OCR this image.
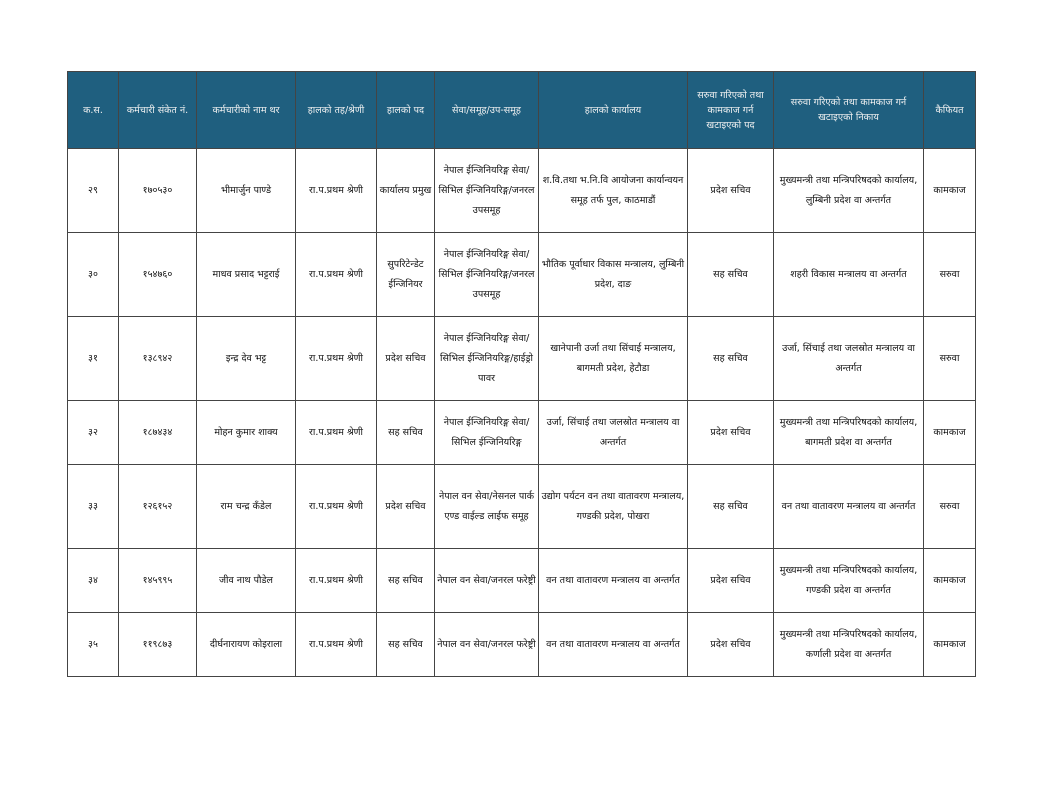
क.स.	कर्मचारी संकेत नं.	कर्मचारीको नाम थर	हालको तह/श्रेणी	हालको पद	सेवा/समूह/उप-समूह	हालको कार्यालय	सरुवा गरिएको तथा कामकाज गर्न खटाइएको पद	सरुवा गरिएको तथा कामकाज गर्न खटाइएको निकाय	कैफियत
२९	१७०५३०	भीमार्जुन पाण्डे	रा.प.प्रथम श्रेणी	कार्यालय प्रमुख	नेपाल ईन्जिनियरिङ्ग सेवा/सिभिल ईन्जिनियरिङ्ग/जनरल उपसमूह	श.वि.तथा भ.नि.वि आयोजना कार्यान्वयन समूह तर्फ पुल, काठमाडौं	प्रदेश सचिव	मुख्यमन्त्री तथा मन्त्रिपरिषदको कार्यालय, लुम्बिनी प्रदेश वा अन्तर्गत	कामकाज
३०	१५४७६०	माधव प्रसाद भट्टराई	रा.प.प्रथम श्रेणी	सुपरिटेन्डेट ईन्जिनियर	नेपाल ईन्जिनियरिङ्ग सेवा/सिभिल ईन्जिनियरिङ्ग/जनरल उपसमूह	भौतिक पूर्वाधार विकास मन्त्रालय, लुम्बिनी प्रदेश, दाङ	सह सचिव	शहरी विकास मन्त्रालय वा अन्तर्गत	सरुवा
३१	१३८९४२	इन्द्र देव भट्ट	रा.प.प्रथम श्रेणी	प्रदेश सचिव	नेपाल ईन्जिनियरिङ्ग सेवा/सिभिल ईन्जिनियरिङ्ग/हाईड्रो पावर	खानेपानी उर्जा तथा सिंचाई मन्त्रालय, बागमती प्रदेश, हेटौडा	सह सचिव	उर्जा, सिंचाई तथा जलस्रोत मन्त्रालय वा अन्तर्गत	सरुवा
३२	१८७४३४	मोहन कुमार शाक्य	रा.प.प्रथम श्रेणी	सह सचिव	नेपाल ईन्जिनियरिङ्ग सेवा/सिभिल ईन्जिनियरिङ्ग	उर्जा, सिंचाई तथा जलस्रोत मन्त्रालय वा अन्तर्गत	प्रदेश सचिव	मुख्यमन्त्री तथा मन्त्रिपरिषदको कार्यालय, बागमती प्रदेश वा अन्तर्गत	कामकाज
३३	१२६१५२	राम चन्द्र कँडेल	रा.प.प्रथम श्रेणी	प्रदेश सचिव	नेपाल वन सेवा/नेसनल पार्क एण्ड वाईल्ड लाईफ समूह	उद्योग पर्यटन वन तथा वातावरण मन्त्रालय, गण्डकी प्रदेश, पोखरा	सह सचिव	वन तथा वातावरण मन्त्रालय वा अन्तर्गत	सरुवा
३४	१४५९९५	जीव नाथ पौडेल	रा.प.प्रथम श्रेणी	सह सचिव	नेपाल वन सेवा/जनरल फरेष्ट्री	वन तथा वातावरण मन्त्रालय वा अन्तर्गत	प्रदेश सचिव	मुख्यमन्त्री तथा मन्त्रिपरिषदको कार्यालय, गण्डकी प्रदेश वा अन्तर्गत	कामकाज
३५	११९८७३	दीर्घनारायण कोइराला	रा.प.प्रथम श्रेणी	सह सचिव	नेपाल वन सेवा/जनरल फरेष्ट्री	वन तथा वातावरण मन्त्रालय वा अन्तर्गत	प्रदेश सचिव	मुख्यमन्त्री तथा मन्त्रिपरिषदको कार्यालय, कर्णाली प्रदेश वा अन्तर्गत	कामकाज
